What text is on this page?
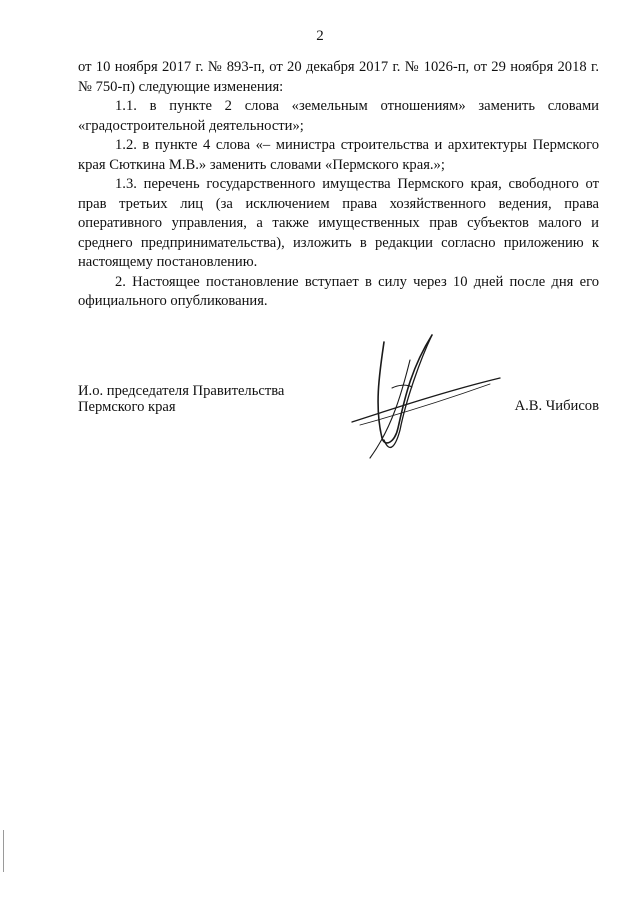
2

от 10 ноября 2017 г. № 893-п, от 20 декабря 2017 г. № 1026-п, от 29 ноября 2018 г. № 750-п) следующие изменения:

1.1. в пункте 2 слова «земельным отношениям» заменить словами «градостроительной деятельности»;

1.2. в пункте 4 слова «– министра строительства и архитектуры Пермского края Сюткина М.В.» заменить словами «Пермского края.»;

1.3. перечень государственного имущества Пермского края, свободного от прав третьих лиц (за исключением права хозяйственного ведения, права оперативного управления, а также имущественных прав субъектов малого и среднего предпринимательства), изложить в редакции согласно приложению к настоящему постановлению.

2. Настоящее постановление вступает в силу через 10 дней после дня его официального опубликования.

И.о. председателя Правительства
Пермского края	А.В. Чибисов
